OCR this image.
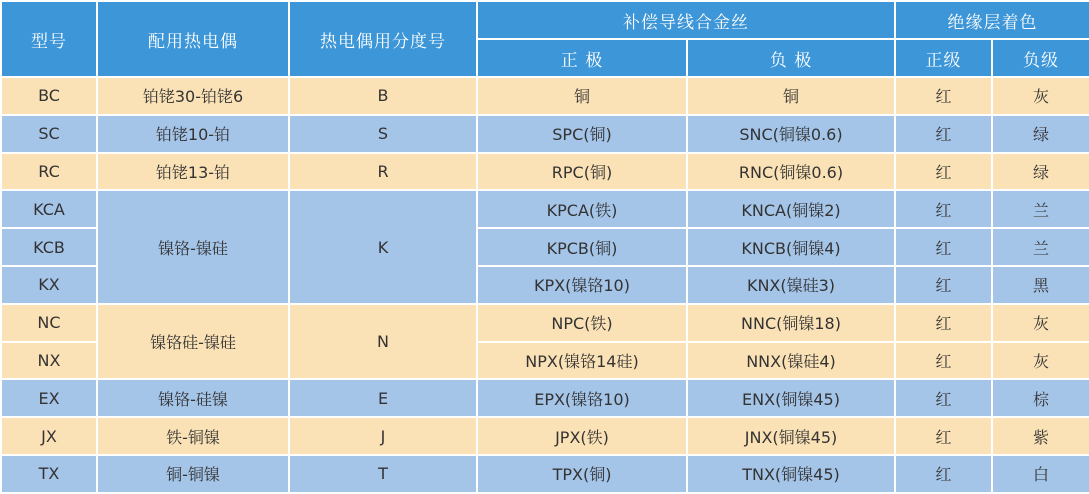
型号	配用热电偶	热电偶用分度号	补偿导线合金丝		绝缘层着色	
			正 极	负 极	正级	负级
BC	铂铑30-铂铑6	B	铜	铜	红	灰
SC	铂铑10-铂	S	SPC(铜)	SNC(铜镍0.6)	红	绿
RC	铂铑13-铂	R	RPC(铜)	RNC(铜镍0.6)	红	绿
KCA	镍铬-镍硅	K	KPCA(铁)	KNCA(铜镍2)	红	兰
KCB			KPCB(铜)	KNCB(铜镍4)	红	兰
KX			KPX(镍铬10)	KNX(镍硅3)	红	黑
NC	镍铬硅-镍硅	N	NPC(铁)	NNC(铜镍18)	红	灰
NX			NPX(镍铬14硅)	NNX(镍硅4)	红	灰
EX	镍铬-硅镍	E	EPX(镍铬10)	ENX(铜镍45)	红	棕
JX	铁-铜镍	J	JPX(铁)	JNX(铜镍45)	红	紫
TX	铜-铜镍	T	TPX(铜)	TNX(铜镍45)	红	白
